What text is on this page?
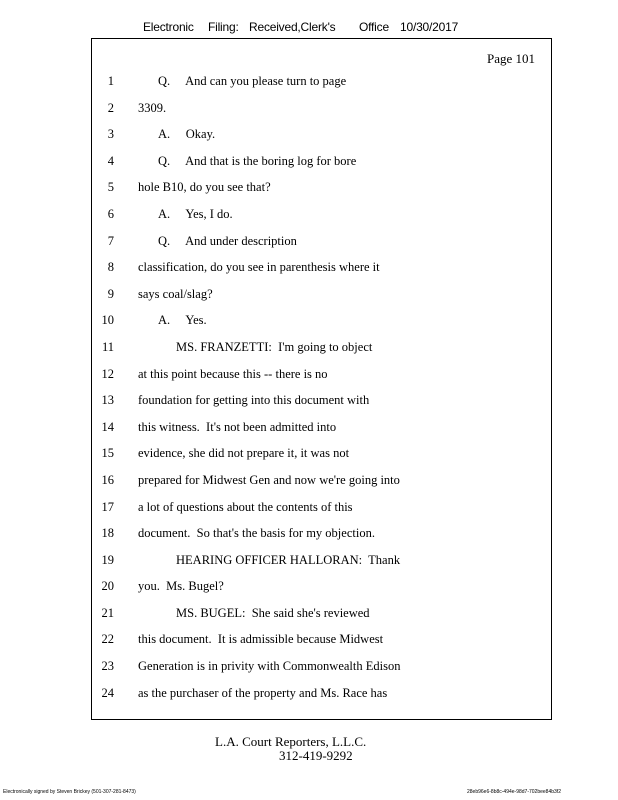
Electronic Filing: Received,Clerk's Office 10/30/2017
Page 101
1	Q.     And can you please turn to page
2 3309.
3	A.     Okay.
4	Q.     And that is the boring log for bore
5 hole B10, do you see that?
6	A.     Yes, I do.
7	Q.     And under description
8 classification, do you see in parenthesis where it
9 says coal/slag?
10	A.     Yes.
11	MS. FRANZETTI:  I'm going to object
12 at this point because this -- there is no
13 foundation for getting into this document with
14 this witness.  It's not been admitted into
15 evidence, she did not prepare it, it was not
16 prepared for Midwest Gen and now we're going into
17 a lot of questions about the contents of this
18 document.  So that's the basis for my objection.
19	HEARING OFFICER HALLORAN:  Thank
20 you.  Ms. Bugel?
21	MS. BUGEL:  She said she's reviewed
22 this document.  It is admissible because Midwest
23 Generation is in privity with Commonwealth Edison
24 as the purchaser of the property and Ms. Race has
L.A. Court Reporters, L.L.C.
312-419-9292
Electronically signed by Steven Brickey (501-307-281-8473)	28eb96e6-8b8c-494e-98d7-702bee84b3f2
